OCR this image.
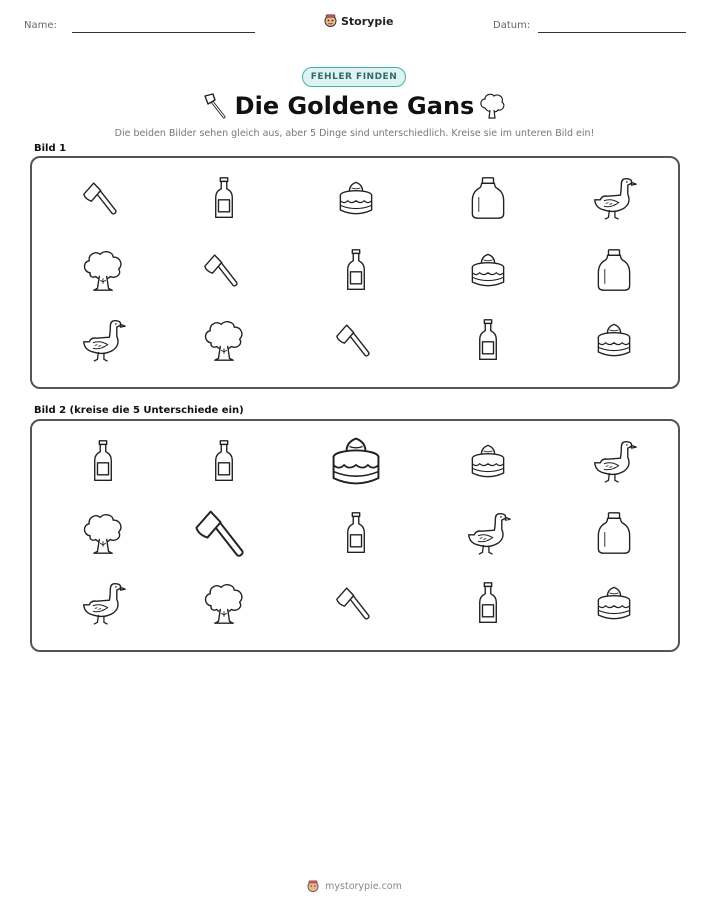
Name:	Storypie	Datum:
FEHLER FINDEN
Die Goldene Gans
Die beiden Bilder sehen gleich aus, aber 5 Dinge sind unterschiedlich. Kreise sie im unteren Bild ein!
Bild 1
Bild 2 (kreise die 5 Unterschiede ein)
mystorypie.com
